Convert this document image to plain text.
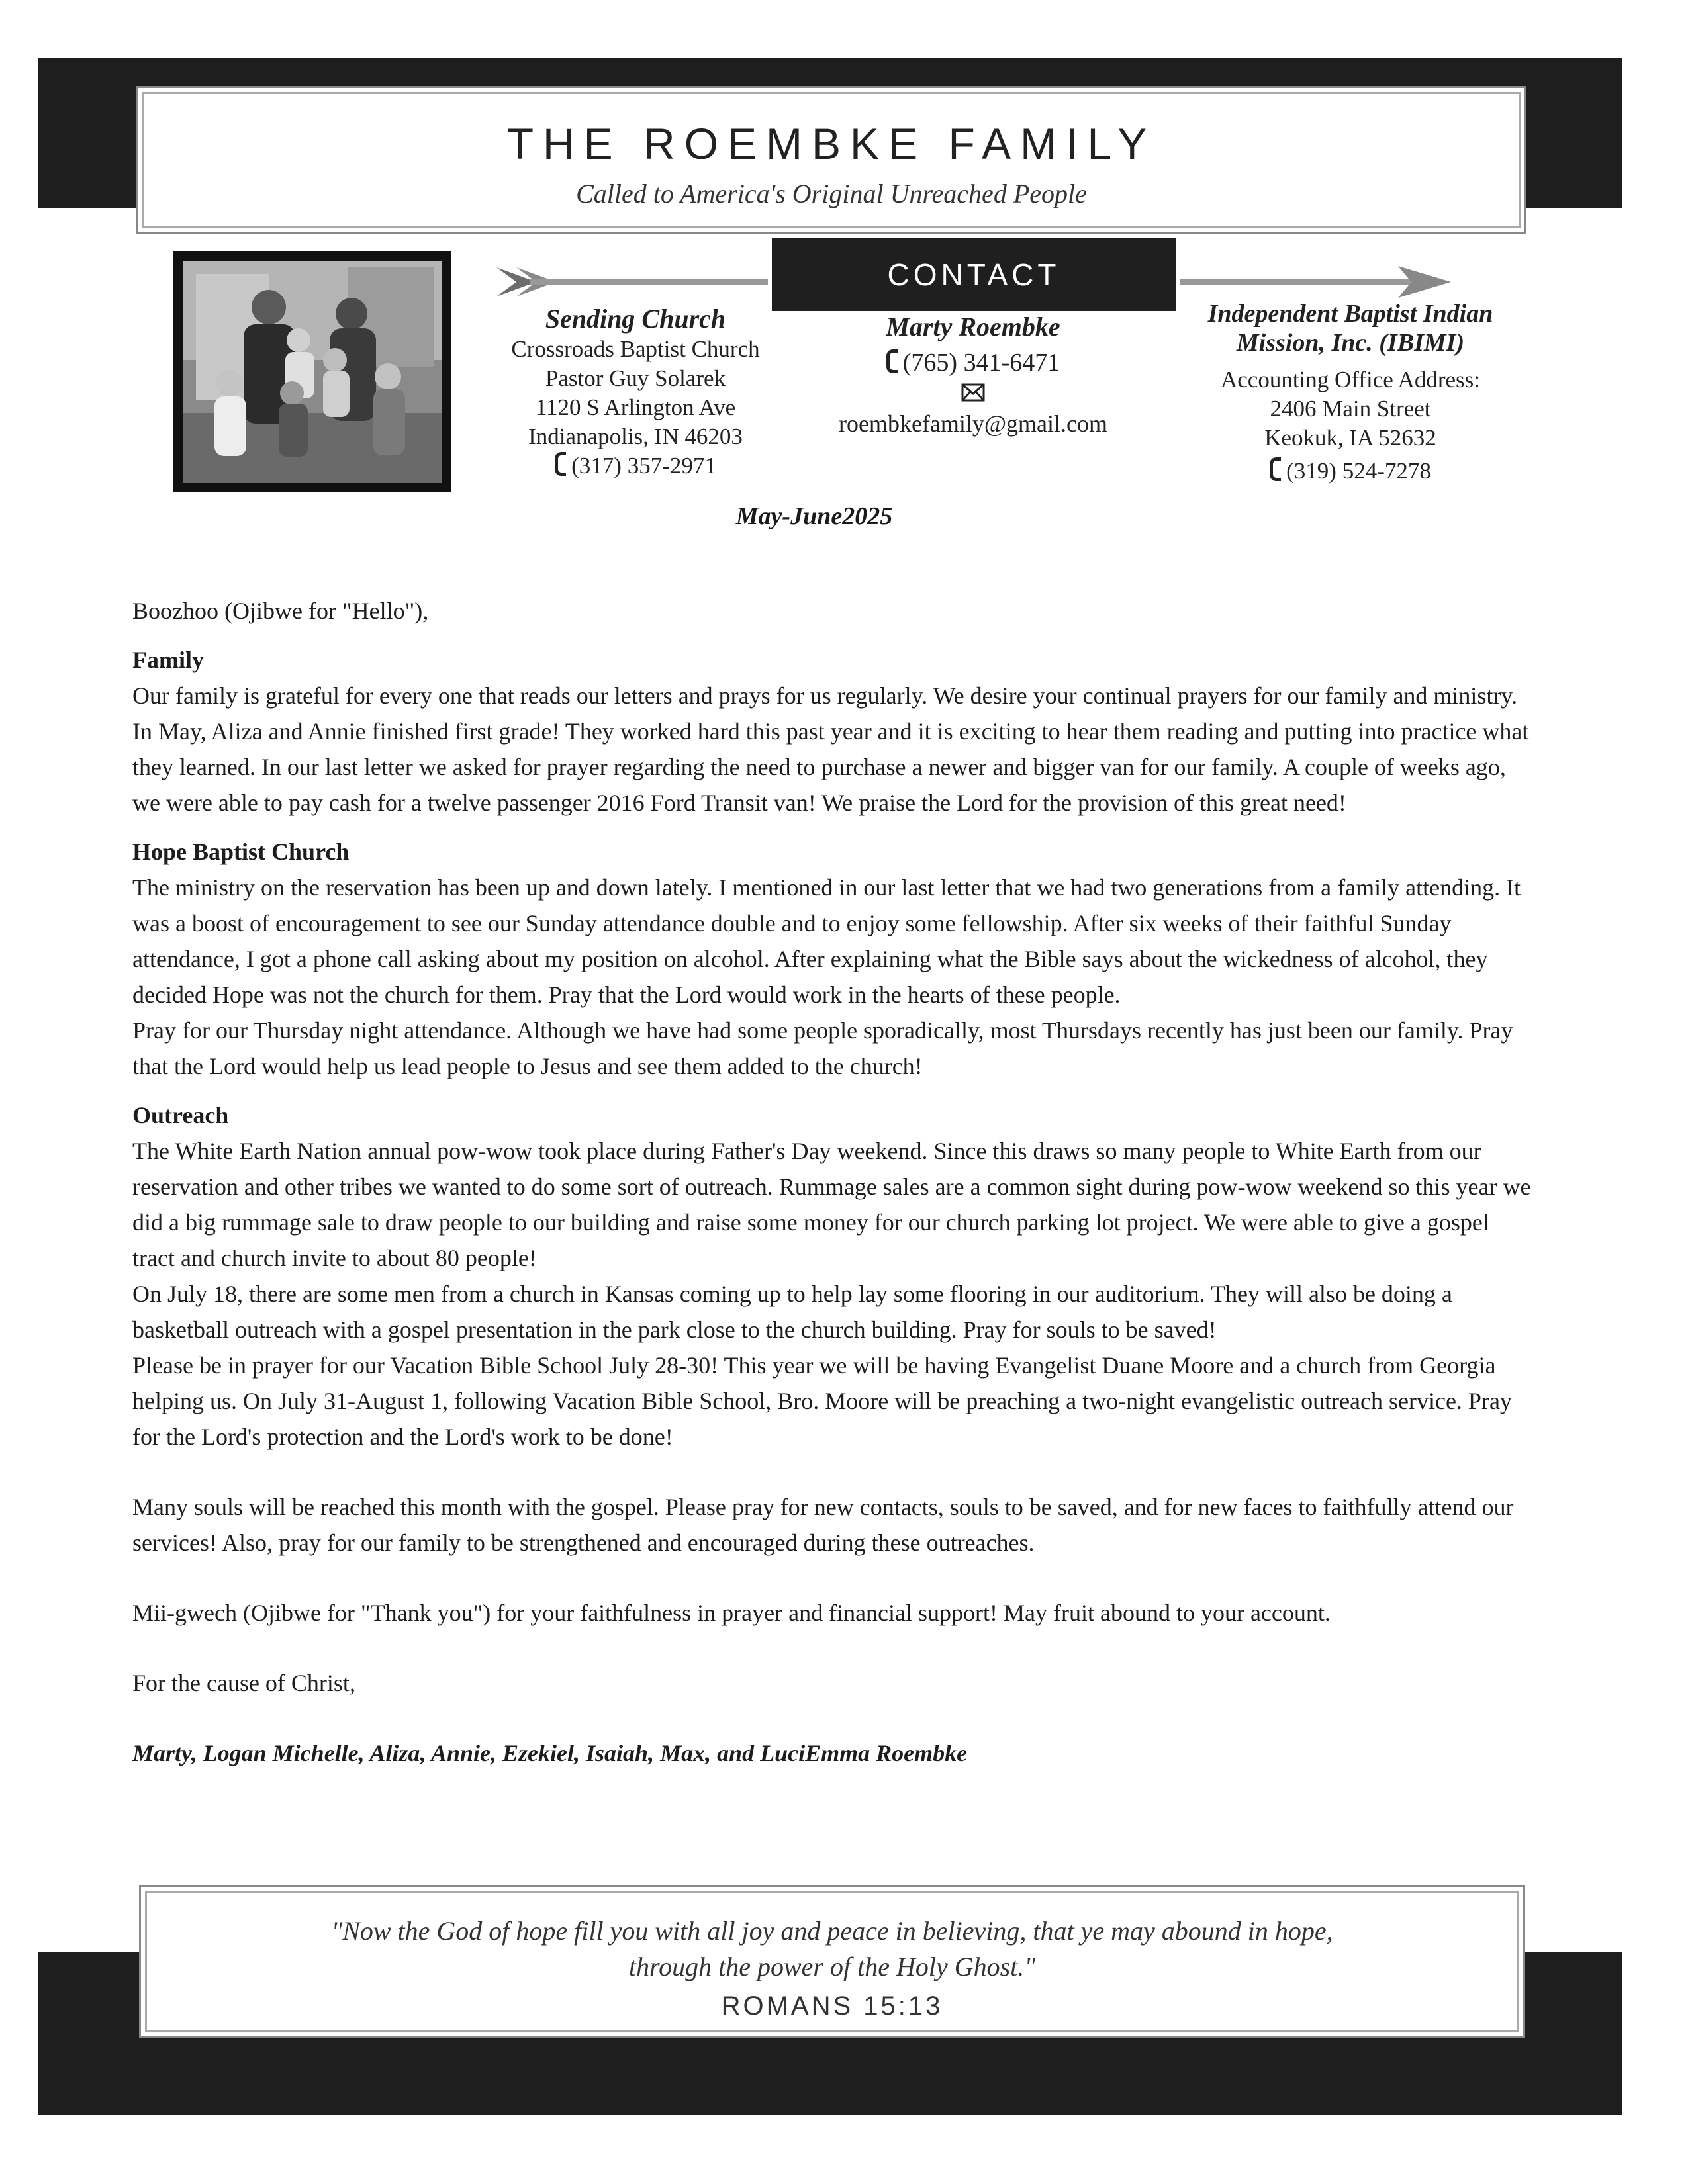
THE ROEMBKE FAMILY
Called to America's Original Unreached People
CONTACT
Sending Church
Crossroads Baptist Church
Pastor Guy Solarek
1120 S Arlington Ave
Indianapolis, IN 46203
(317) 357-2971
Marty Roembke
(765) 341-6471
roembkefamily@gmail.com
Independent Baptist Indian
Mission, Inc. (IBIMI)
Accounting Office Address:
2406 Main Street
Keokuk, IA 52632
(319) 524-7278
May-June2025

Boozhoo (Ojibwe for "Hello"),

Family

Our family is grateful for every one that reads our letters and prays for us regularly. We desire your continual prayers for our family and ministry. In May, Aliza and Annie finished first grade! They worked hard this past year and it is exciting to hear them reading and putting into practice what they learned. In our last letter we asked for prayer regarding the need to purchase a newer and bigger van for our family. A couple of weeks ago, we were able to pay cash for a twelve passenger 2016 Ford Transit van! We praise the Lord for the provision of this great need!

Hope Baptist Church

The ministry on the reservation has been up and down lately. I mentioned in our last letter that we had two generations from a family attending. It was a boost of encouragement to see our Sunday attendance double and to enjoy some fellowship. After six weeks of their faithful Sunday attendance, I got a phone call asking about my position on alcohol. After explaining what the Bible says about the wickedness of alcohol, they decided Hope was not the church for them. Pray that the Lord would work in the hearts of these people.

Pray for our Thursday night attendance. Although we have had some people sporadically, most Thursdays recently has just been our family. Pray that the Lord would help us lead people to Jesus and see them added to the church!

Outreach

The White Earth Nation annual pow-wow took place during Father's Day weekend. Since this draws so many people to White Earth from our reservation and other tribes we wanted to do some sort of outreach. Rummage sales are a common sight during pow-wow weekend so this year we did a big rummage sale to draw people to our building and raise some money for our church parking lot project. We were able to give a gospel tract and church invite to about 80 people!

On July 18, there are some men from a church in Kansas coming up to help lay some flooring in our auditorium. They will also be doing a basketball outreach with a gospel presentation in the park close to the church building. Pray for souls to be saved!

Please be in prayer for our Vacation Bible School July 28-30! This year we will be having Evangelist Duane Moore and a church from Georgia helping us. On July 31-August 1, following Vacation Bible School, Bro. Moore will be preaching a two-night evangelistic outreach service. Pray for the Lord's protection and the Lord's work to be done!

Many souls will be reached this month with the gospel. Please pray for new contacts, souls to be saved, and for new faces to faithfully attend our services! Also, pray for our family to be strengthened and encouraged during these outreaches.

Mii-gwech (Ojibwe for "Thank you") for your faithfulness in prayer and financial support! May fruit abound to your account.

For the cause of Christ,

Marty, Logan Michelle, Aliza, Annie, Ezekiel, Isaiah, Max, and LuciEmma Roembke

"Now the God of hope fill you with all joy and peace in believing, that ye may abound in hope,
through the power of the Holy Ghost."
ROMANS 15:13
